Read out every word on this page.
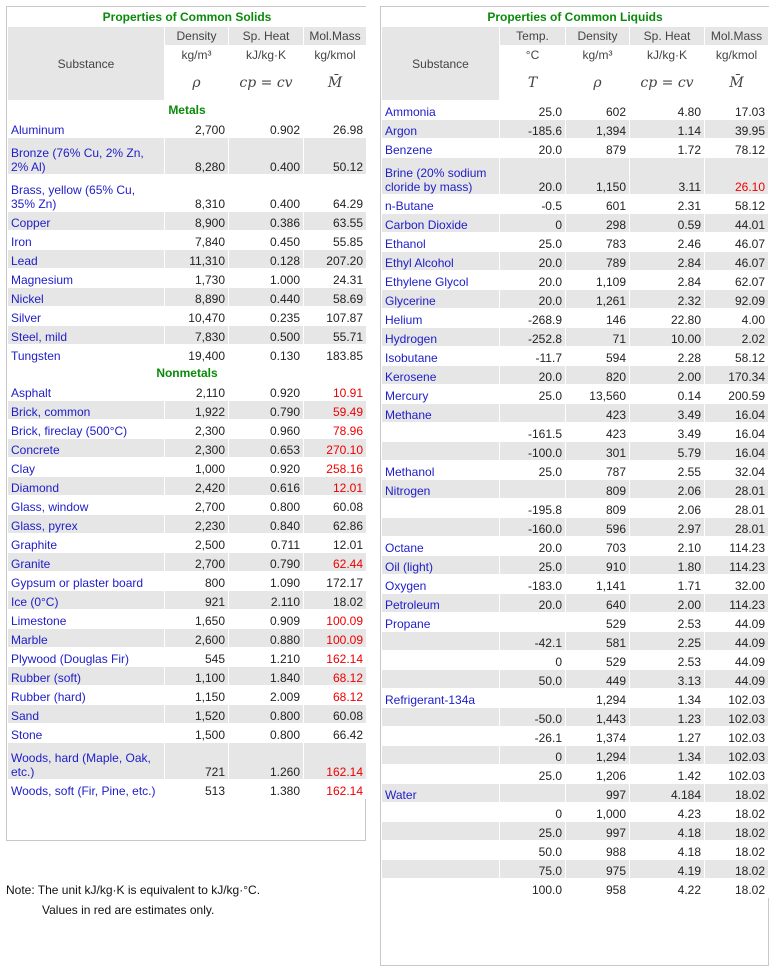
Properties of Common Solids			
Substance	Density	Sp. Heat	Mol.Mass
	kg/m³	kJ/kg·K	kg/kmol
	ρ	cp = cv	M̄
Metals			
Aluminum	2,700	0.902	26.98
Bronze (76% Cu, 2% Zn, 2% Al)	8,280	0.400	50.12
Brass, yellow (65% Cu, 35% Zn)	8,310	0.400	64.29
Copper	8,900	0.386	63.55
Iron	7,840	0.450	55.85
Lead	11,310	0.128	207.20
Magnesium	1,730	1.000	24.31
Nickel	8,890	0.440	58.69
Silver	10,470	0.235	107.87
Steel, mild	7,830	0.500	55.71
Tungsten	19,400	0.130	183.85
Nonmetals			
Asphalt	2,110	0.920	10.91
Brick, common	1,922	0.790	59.49
Brick, fireclay (500°C)	2,300	0.960	78.96
Concrete	2,300	0.653	270.10
Clay	1,000	0.920	258.16
Diamond	2,420	0.616	12.01
Glass, window	2,700	0.800	60.08
Glass, pyrex	2,230	0.840	62.86
Graphite	2,500	0.711	12.01
Granite	2,700	0.790	62.44
Gypsum or plaster board	800	1.090	172.17
Ice (0°C)	921	2.110	18.02
Limestone	1,650	0.909	100.09
Marble	2,600	0.880	100.09
Plywood (Douglas Fir)	545	1.210	162.14
Rubber (soft)	1,100	1.840	68.12
Rubber (hard)	1,150	2.009	68.12
Sand	1,520	0.800	60.08
Stone	1,500	0.800	66.42
Woods, hard (Maple, Oak, etc.)	721	1.260	162.14
Woods, soft (Fir, Pine, etc.)	513	1.380	162.14
Note: The unit kJ/kg·K is equivalent to kJ/kg·°C.
Values in red are estimates only.
Properties of Common Liquids				
Substance	Temp.	Density	Sp. Heat	Mol.Mass
	°C	kg/m³	kJ/kg·K	kg/kmol
	T	ρ	cp = cv	M̄
Ammonia	25.0	602	4.80	17.03
Argon	-185.6	1,394	1.14	39.95
Benzene	20.0	879	1.72	78.12
Brine (20% sodium cloride by mass)	20.0	1,150	3.11	26.10
n-Butane	-0.5	601	2.31	58.12
Carbon Dioxide	0	298	0.59	44.01
Ethanol	25.0	783	2.46	46.07
Ethyl Alcohol	20.0	789	2.84	46.07
Ethylene Glycol	20.0	1,109	2.84	62.07
Glycerine	20.0	1,261	2.32	92.09
Helium	-268.9	146	22.80	4.00
Hydrogen	-252.8	71	10.00	2.02
Isobutane	-11.7	594	2.28	58.12
Kerosene	20.0	820	2.00	170.34
Mercury	25.0	13,560	0.14	200.59
Methane		423	3.49	16.04
	-161.5	423	3.49	16.04
	-100.0	301	5.79	16.04
Methanol	25.0	787	2.55	32.04
Nitrogen		809	2.06	28.01
	-195.8	809	2.06	28.01
	-160.0	596	2.97	28.01
Octane	20.0	703	2.10	114.23
Oil (light)	25.0	910	1.80	114.23
Oxygen	-183.0	1,141	1.71	32.00
Petroleum	20.0	640	2.00	114.23
Propane		529	2.53	44.09
	-42.1	581	2.25	44.09
	0	529	2.53	44.09
	50.0	449	3.13	44.09
Refrigerant-134a		1,294	1.34	102.03
	-50.0	1,443	1.23	102.03
	-26.1	1,374	1.27	102.03
	0	1,294	1.34	102.03
	25.0	1,206	1.42	102.03
Water		997	4.184	18.02
	0	1,000	4.23	18.02
	25.0	997	4.18	18.02
	50.0	988	4.18	18.02
	75.0	975	4.19	18.02
	100.0	958	4.22	18.02
